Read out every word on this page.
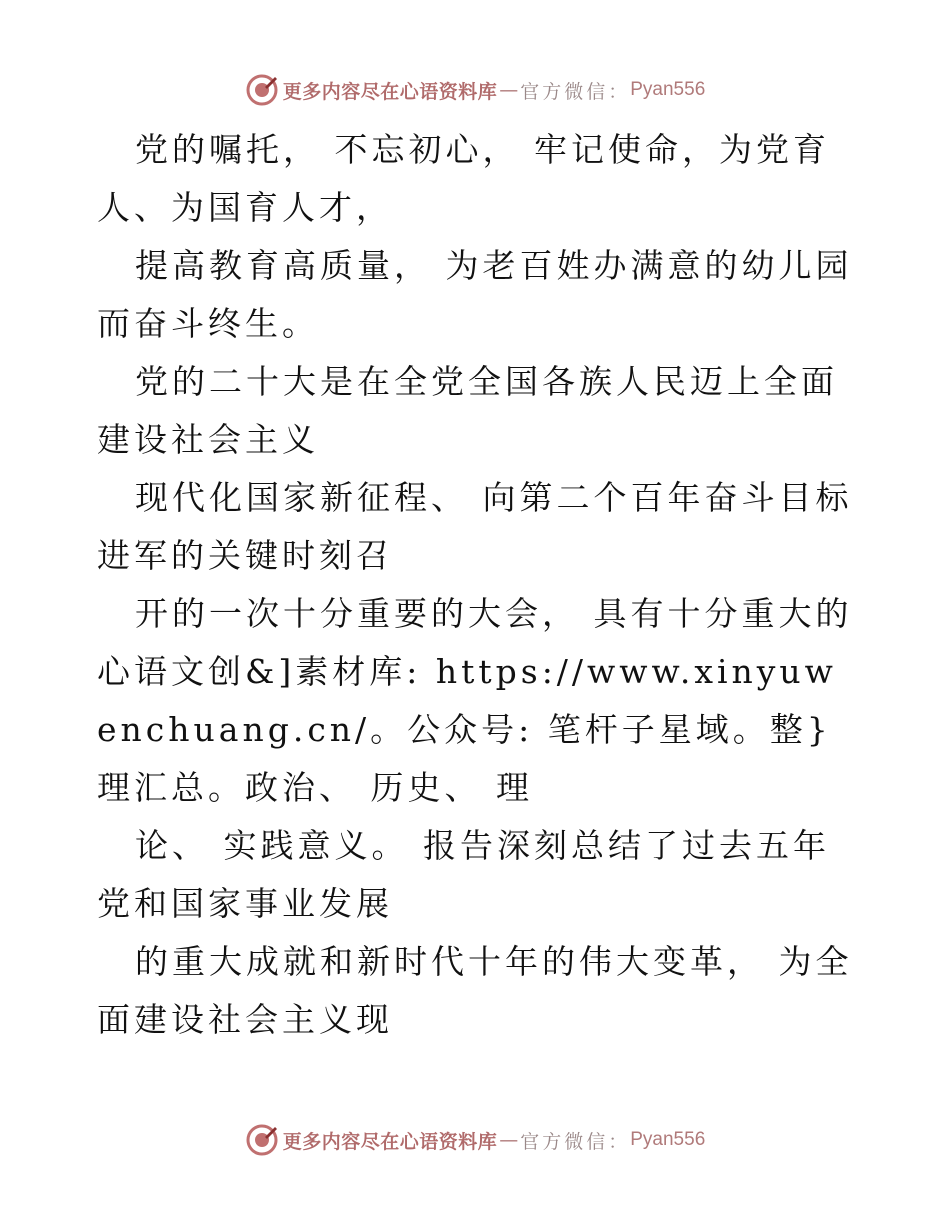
更多内容尽在心语资料库 — 官方微信： Pyan556

党的嘱托， 不忘初心， 牢记使命，为党育人、为国育人才，

提高教育高质量， 为老百姓办满意的幼儿园而奋斗终生。

党的二十大是在全党全国各族人民迈上全面建设社会主义

现代化国家新征程、 向第二个百年奋斗目标进军的关键时刻召

开的一次十分重要的大会， 具有十分重大的心语文创&]素材库: https://www.xinyuwenchuang.cn/。公众号: 笔杆子星域。整}理汇总。政治、 历史、 理

论、 实践意义。 报告深刻总结了过去五年党和国家事业发展

的重大成就和新时代十年的伟大变革， 为全面建设社会主义现

更多内容尽在心语资料库 — 官方微信： Pyan556
